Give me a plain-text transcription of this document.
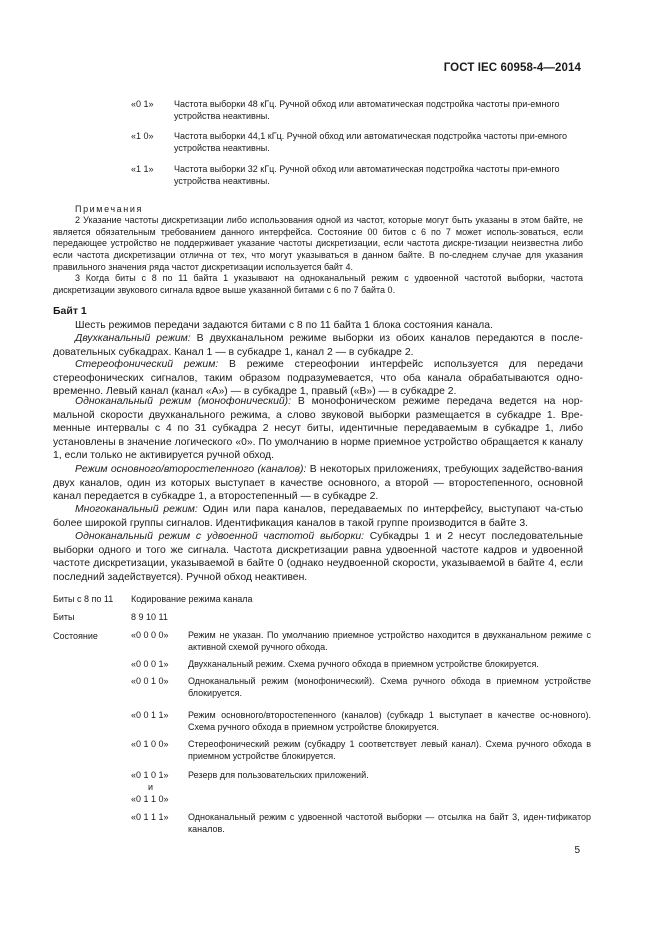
ГОСТ IEC 60958-4—2014
«0 1» Частота выборки 48 кГц. Ручной обход или автоматическая подстройка частоты при-емного устройства неактивны.
«1 0» Частота выборки 44,1 кГц. Ручной обход или автоматическая подстройка частоты при-емного устройства неактивны.
«1 1» Частота выборки 32 кГц. Ручной обход или автоматическая подстройка частоты при-емного устройства неактивны.
Примечания
2 Указание частоты дискретизации либо использования одной из частот, которые могут быть указаны в этом байте, не является обязательным требованием данного интерфейса. Состояние 00 битов с 6 по 7 может исполь-зоваться, если передающее устройство не поддерживает указание частоты дискретизации, если частота дискре-тизации неизвестна либо если частота дискретизации отлична от тех, что могут указываться в данном байте. В по-следнем случае для указания правильного значения ряда частот дискретизации используется байт 4.
3 Когда биты с 8 по 11 байта 1 указывают на одноканальный режим с удвоенной частотой выборки, частота дискретизации звукового сигнала вдвое выше указанной битами с 6 по 7 байта 0.
Байт 1
Шесть режимов передачи задаются битами с 8 по 11 байта 1 блока состояния канала.
Двухканальный режим: В двухканальном режиме выборки из обоих каналов передаются в после-довательных субкадрах. Канал 1 — в субкадре 1, канал 2 — в субкадре 2.
Стереофонический режим: В режиме стереофонии интерфейс используется для передачи стереофонических сигналов, таким образом подразумевается, что оба канала обрабатываются одно-временно. Левый канал (канал «А») — в субкадре 1, правый («В») — в субкадре 2.
Одноканальный режим (монофонический): В монофоническом режиме передача ведется на нор-мальной скорости двухканального режима, а слово звуковой выборки размещается в субкадре 1. Вре-менные интервалы с 4 по 31 субкадра 2 несут биты, идентичные передаваемым в субкадре 1, либо установлены в значение логического «0». По умолчанию в норме приемное устройство обращается к каналу 1, если только не активируется ручной обход.
Режим основного/второстепенного (каналов): В некоторых приложениях, требующих задейство-вания двух каналов, один из которых выступает в качестве основного, а второй — второстепенного, основной канал передается в субкадре 1, а второстепенный — в субкадре 2.
Многоканальный режим: Один или пара каналов, передаваемых по интерфейсу, выступают ча-стью более широкой группы сигналов. Идентификация каналов в такой группе производится в байте 3.
Одноканальный режим с удвоенной частотой выборки: Субкадры 1 и 2 несут последовательные выборки одного и того же сигнала. Частота дискретизации равна удвоенной частоте кадров и удвоенной частоте дискретизации, указываемой в байте 0 (однако неудвоенной скорости, указываемой в байте 4, если последний задействуется). Ручной обход неактивен.
Биты с 8 по 11 Кодирование режима канала
Биты	8 9 10 11
Состояние	«0 0 0 0» Режим не указан. По умолчанию приемное устройство находится в двухканальном режиме с активной схемой ручного обхода.
«0 0 0 1» Двухканальный режим. Схема ручного обхода в приемном устройстве блокируется.
«0 0 1 0» Одноканальный режим (монофонический). Схема ручного обхода в приемном устройстве блокируется.
«0 0 1 1» Режим основного/второстепенного (каналов) (субкадр 1 выступает в качестве ос-новного). Схема ручного обхода в приемном устройстве блокируется.
«0 1 0 0» Стереофонический режим (субкадру 1 соответствует левый канал). Схема ручного обхода в приемном устройстве блокируется.
«0 1 0 1» Резерв для пользовательских приложений.
и
«0 1 1 0»
«0 1 1 1» Одноканальный режим с удвоенной частотой выборки — отсылка на байт 3, иден-тификатор каналов.
5
